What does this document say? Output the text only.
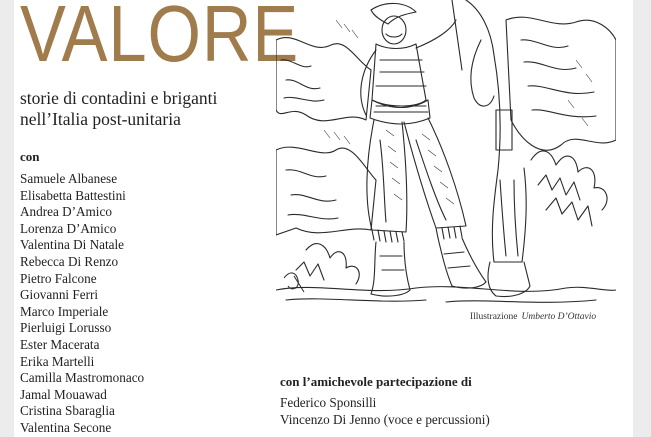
VALORE
storie di contadini e briganti
nell’Italia post-unitaria
con
Samuele Albanese
Elisabetta Battestini
Andrea D’Amico
Lorenza D’Amico
Valentina Di Natale
Rebecca Di Renzo
Pietro Falcone
Giovanni Ferri
Marco Imperiale
Pierluigi Lorusso
Ester Macerata
Erika Martelli
Camilla Mastromonaco
Jamal Mouawad
Cristina Sbaraglia
Valentina Secone
Illustrazione Umberto D’Ottavio
con l’amichevole partecipazione di
Federico Sponsilli
Vincenzo Di Jenno (voce e percussioni)
